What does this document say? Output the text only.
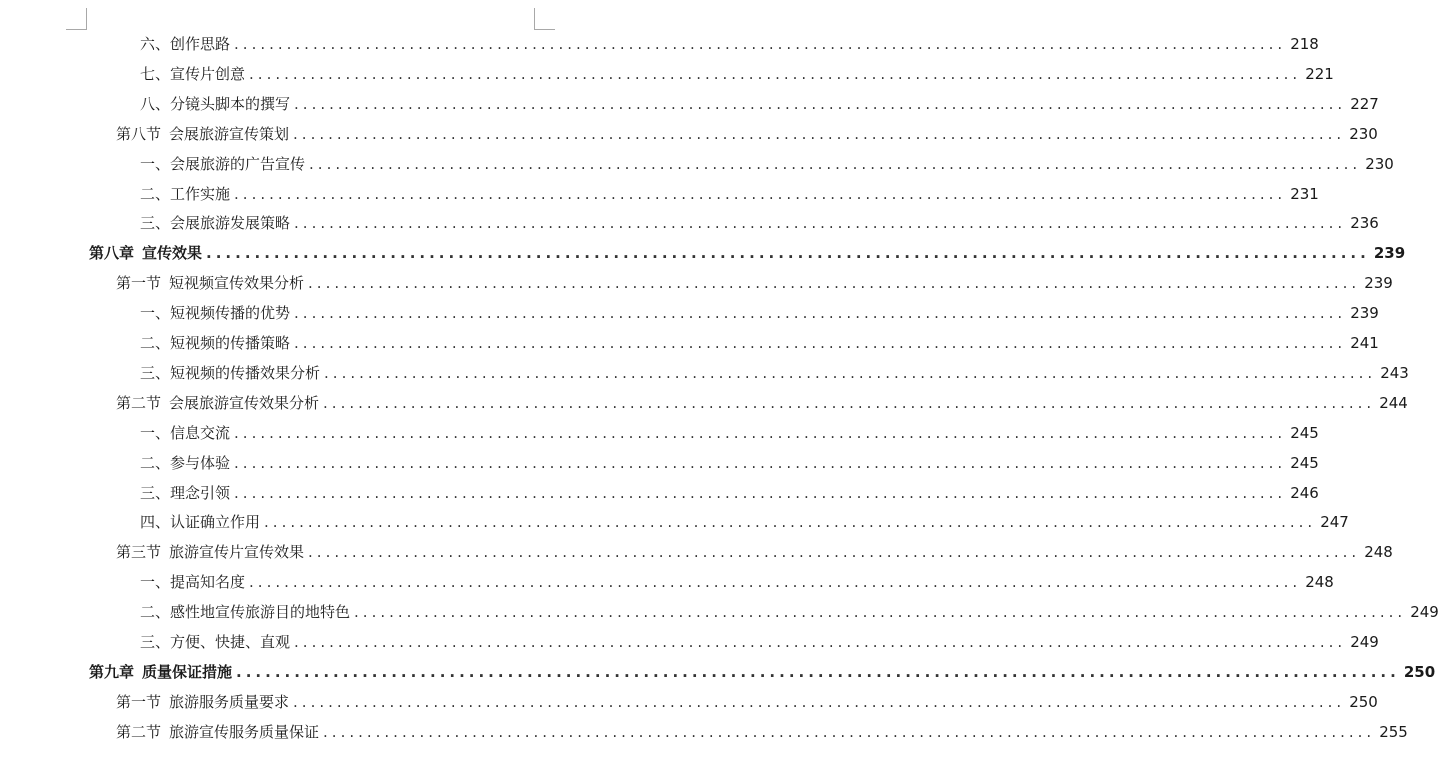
六、创作思路 ........................................................................................................................ 218
七、宣传片创意 ........................................................................................................................ 221
八、分镜头脚本的撰写 ........................................................................................................................ 227
第八节 会展旅游宣传策划 ........................................................................................................................ 230
一、会展旅游的广告宣传 ........................................................................................................................ 230
二、工作实施 ........................................................................................................................ 231
三、会展旅游发展策略 ........................................................................................................................ 236
第八章 宣传效果 ........................................................................................................................ 239
第一节 短视频宣传效果分析 ........................................................................................................................ 239
一、短视频传播的优势 ........................................................................................................................ 239
二、短视频的传播策略 ........................................................................................................................ 241
三、短视频的传播效果分析 ........................................................................................................................ 243
第二节 会展旅游宣传效果分析 ........................................................................................................................ 244
一、信息交流 ........................................................................................................................ 245
二、参与体验 ........................................................................................................................ 245
三、理念引领 ........................................................................................................................ 246
四、认证确立作用 ........................................................................................................................ 247
第三节 旅游宣传片宣传效果 ........................................................................................................................ 248
一、提高知名度 ........................................................................................................................ 248
二、感性地宣传旅游目的地特色 ........................................................................................................................ 249
三、方便、快捷、直观 ........................................................................................................................ 249
第九章 质量保证措施 ........................................................................................................................ 250
第一节 旅游服务质量要求 ........................................................................................................................ 250
第二节 旅游宣传服务质量保证 ........................................................................................................................ 255
